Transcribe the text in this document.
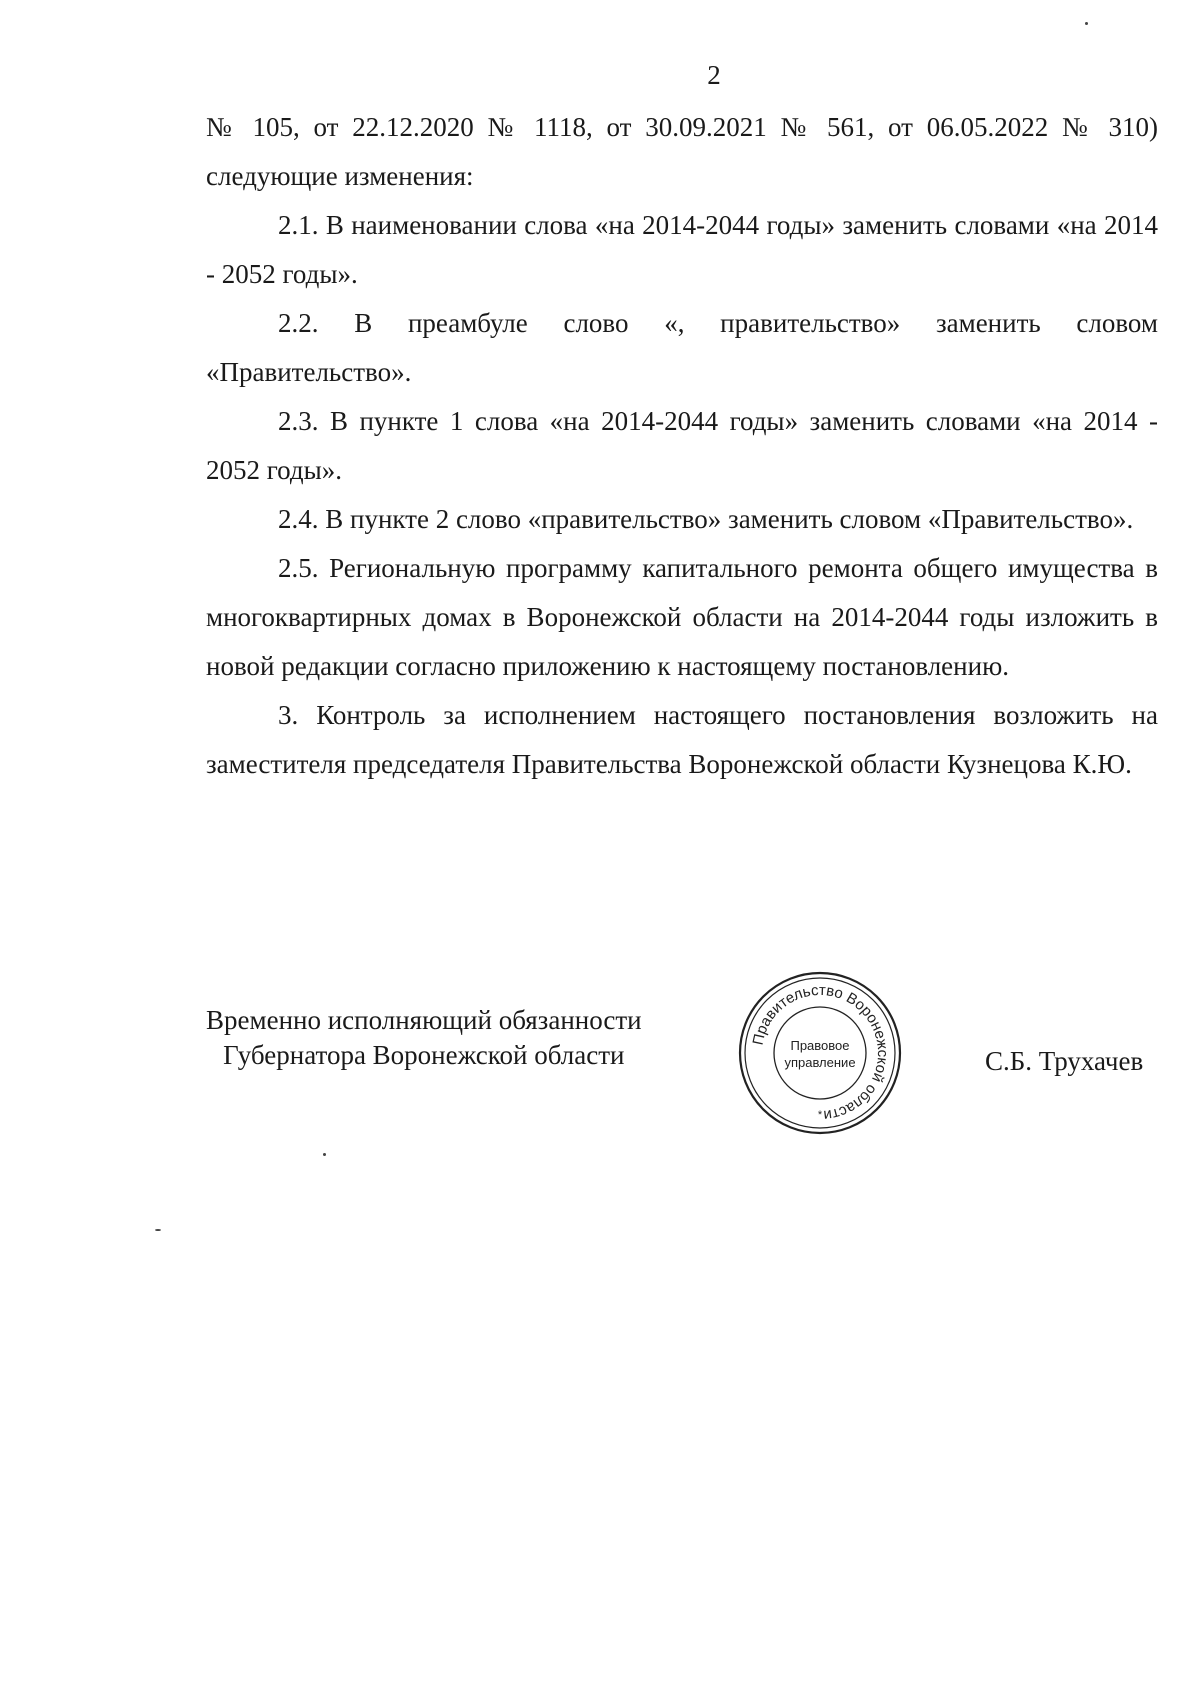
2

№ 105, от 22.12.2020 № 1118, от 30.09.2021 № 561, от 06.05.2022 № 310) следующие изменения:

2.1. В наименовании слова «на 2014-2044 годы» заменить словами «на 2014 - 2052 годы».

2.2. В преамбуле слово «, правительство» заменить словом «Правительство».

2.3. В пункте 1 слова «на 2014-2044 годы» заменить словами «на 2014 - 2052 годы».

2.4. В пункте 2 слово «правительство» заменить словом «Правительство».

2.5. Региональную программу капитального ремонта общего имущества в многоквартирных домах в Воронежской области на 2014-2044 годы изложить в новой редакции согласно приложению к настоящему постановлению.

3. Контроль за исполнением настоящего постановления возложить на заместителя председателя Правительства Воронежской области Кузнецова К.Ю.

Временно исполняющий обязанности
Губернатора Воронежской области
Правительство Воронежской области
Правовое
управление
*
С.Б. Трухачев
